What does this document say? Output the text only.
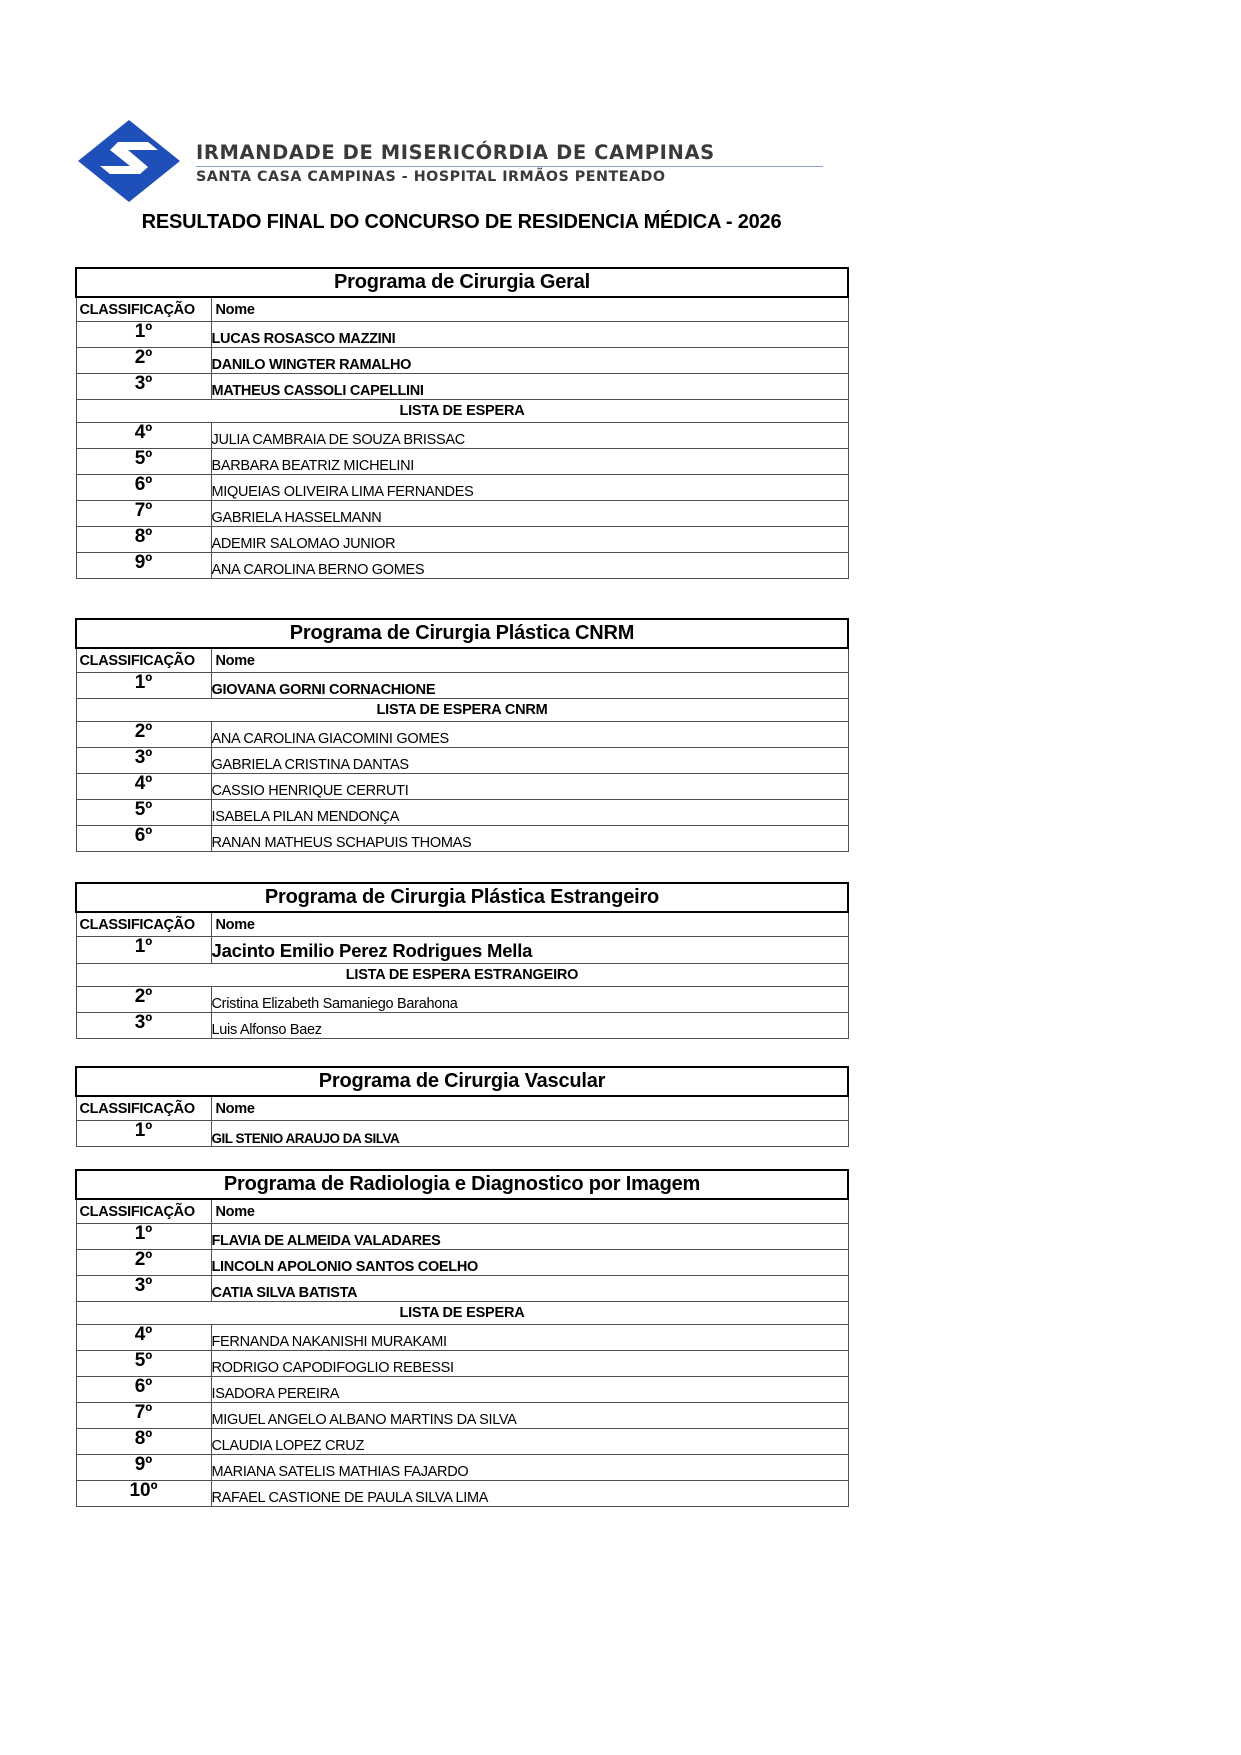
IRMANDADE DE MISERICÓRDIA DE CAMPINAS
SANTA CASA CAMPINAS - HOSPITAL IRMÃOS PENTEADO
RESULTADO FINAL DO CONCURSO DE RESIDENCIA MÉDICA - 2026
Programa de Cirurgia Geral	
CLASSIFICAÇÃO	Nome
1º	LUCAS ROSASCO MAZZINI
2º	DANILO WINGTER RAMALHO
3º	MATHEUS CASSOLI CAPELLINI
LISTA DE ESPERA	
4º	JULIA CAMBRAIA DE SOUZA BRISSAC
5º	BARBARA BEATRIZ MICHELINI
6º	MIQUEIAS OLIVEIRA LIMA FERNANDES
7º	GABRIELA HASSELMANN
8º	ADEMIR SALOMAO JUNIOR
9º	ANA CAROLINA BERNO GOMES
Programa de Cirurgia Plástica CNRM	
CLASSIFICAÇÃO	Nome
1º	GIOVANA GORNI CORNACHIONE
LISTA DE ESPERA CNRM	
2º	ANA CAROLINA GIACOMINI GOMES
3º	GABRIELA CRISTINA DANTAS
4º	CASSIO HENRIQUE CERRUTI
5º	ISABELA PILAN MENDONÇA
6º	RANAN MATHEUS SCHAPUIS THOMAS
Programa de Cirurgia Plástica Estrangeiro	
CLASSIFICAÇÃO	Nome
1º	Jacinto Emilio Perez Rodrigues Mella
LISTA DE ESPERA ESTRANGEIRO	
2º	Cristina Elizabeth Samaniego Barahona
3º	Luis Alfonso Baez
Programa de Cirurgia Vascular	
CLASSIFICAÇÃO	Nome
1º	GIL STENIO ARAUJO DA SILVA
Programa de Radiologia e Diagnostico por Imagem	
CLASSIFICAÇÃO	Nome
1º	FLAVIA DE ALMEIDA VALADARES
2º	LINCOLN APOLONIO SANTOS COELHO
3º	CATIA SILVA BATISTA
LISTA DE ESPERA	
4º	FERNANDA NAKANISHI MURAKAMI
5º	RODRIGO CAPODIFOGLIO REBESSI
6º	ISADORA PEREIRA
7º	MIGUEL ANGELO ALBANO MARTINS DA SILVA
8º	CLAUDIA LOPEZ CRUZ
9º	MARIANA SATELIS MATHIAS FAJARDO
10º	RAFAEL CASTIONE DE PAULA SILVA LIMA
